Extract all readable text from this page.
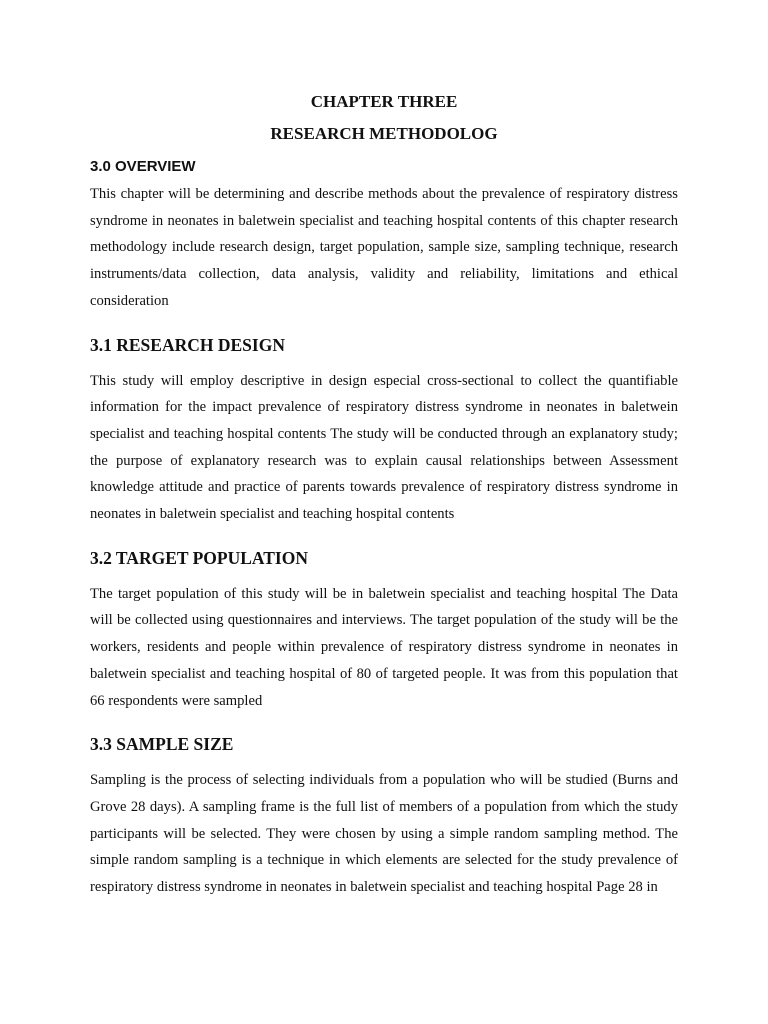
CHAPTER THREE
RESEARCH METHODOLOG
3.0 OVERVIEW

This chapter will be determining and describe methods about the prevalence of respiratory distress syndrome in neonates in baletwein specialist and teaching hospital contents of this chapter research methodology include research design, target population, sample size, sampling technique, research instruments/data collection, data analysis, validity and reliability, limitations and ethical consideration

3.1 RESEARCH DESIGN

This study will employ descriptive in design especial cross-sectional to collect the quantifiable information for the impact prevalence of respiratory distress syndrome in neonates in baletwein specialist and teaching hospital contents The study will be conducted through an explanatory study; the purpose of explanatory research was to explain causal relationships between Assessment knowledge attitude and practice of parents towards prevalence of respiratory distress syndrome in neonates in baletwein specialist and teaching hospital contents

3.2 TARGET POPULATION

The target population of this study will be in baletwein specialist and teaching hospital The Data will be collected using questionnaires and interviews. The target population of the study will be the workers, residents and people within prevalence of respiratory distress syndrome in neonates in baletwein specialist and teaching hospital of 80 of targeted people. It was from this population that 66 respondents were sampled

3.3 SAMPLE SIZE

Sampling is the process of selecting individuals from a population who will be studied (Burns and Grove 28 days). A sampling frame is the full list of members of a population from which the study participants will be selected. They were chosen by using a simple random sampling method. The simple random sampling is a technique in which elements are selected for the study prevalence of respiratory distress syndrome in neonates in baletwein specialist and teaching hospital Page 28 in
